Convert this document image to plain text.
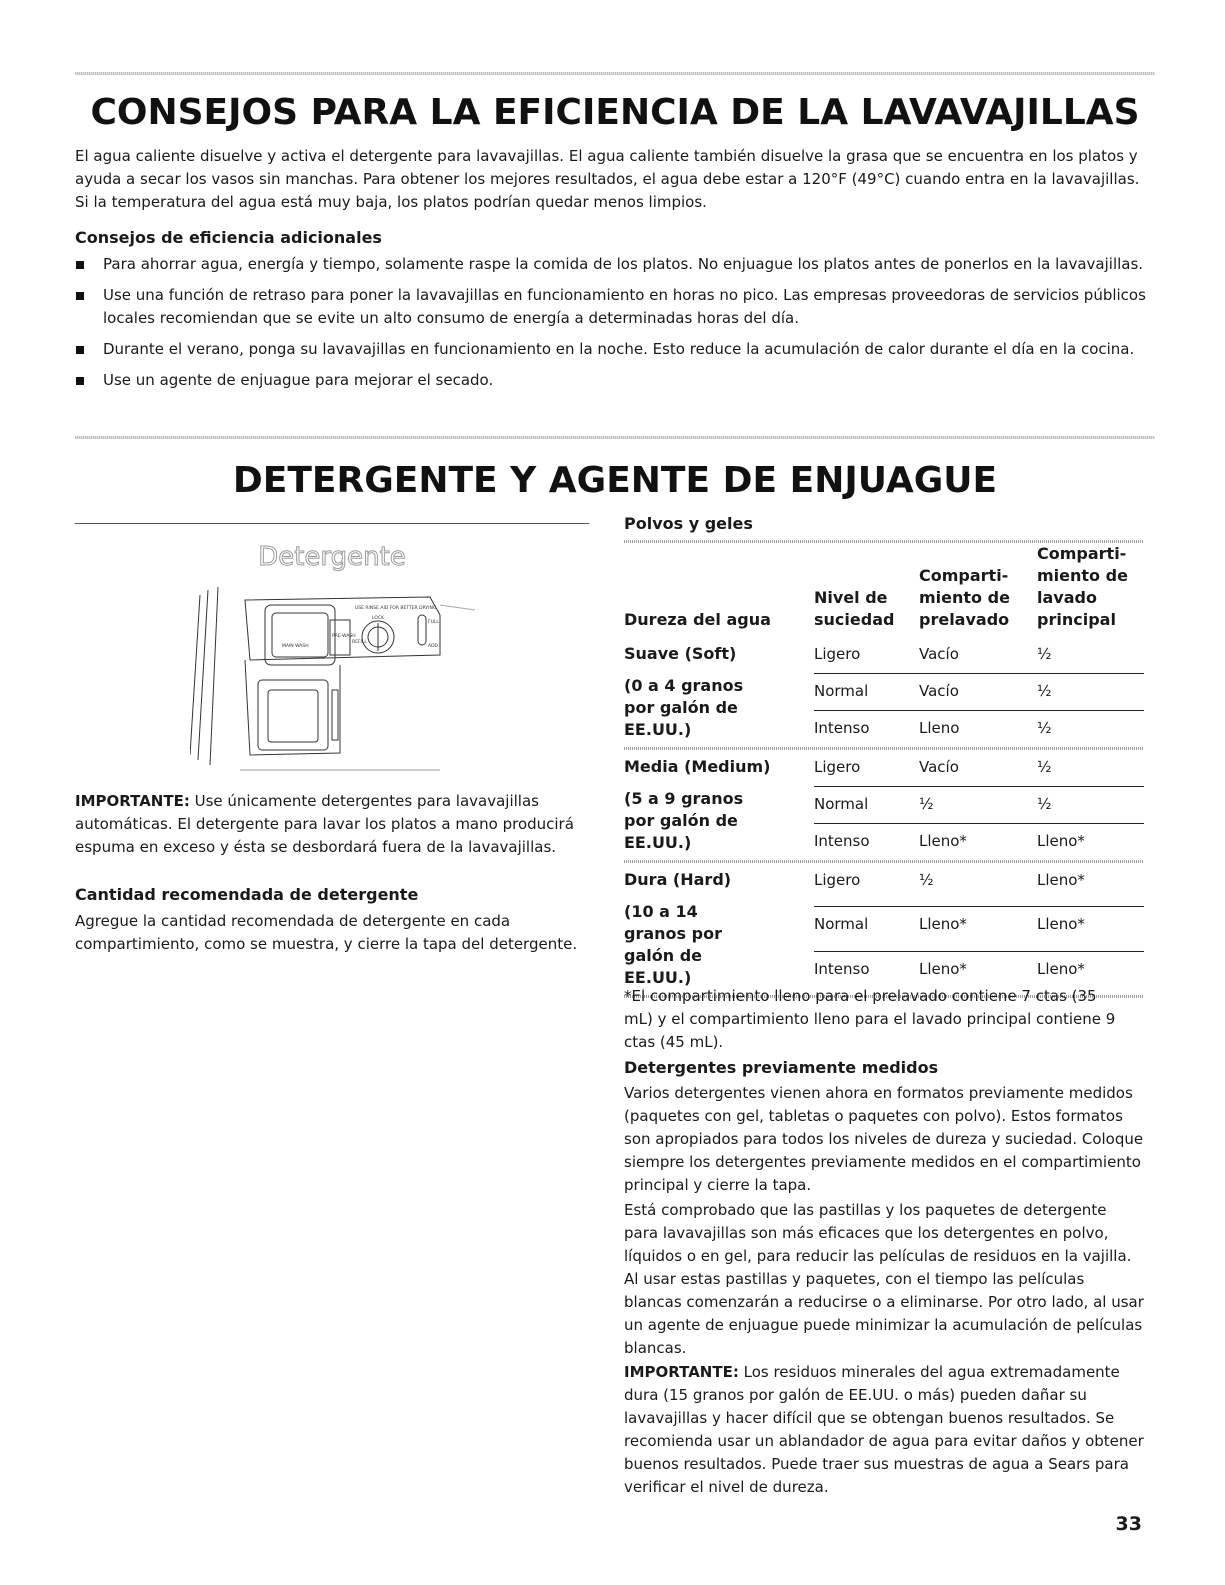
CONSEJOS PARA LA EFICIENCIA DE LA LAVAVAJILLAS

El agua caliente disuelve y activa el detergente para lavavajillas. El agua caliente también disuelve la grasa que se encuentra en los platos y ayuda a secar los vasos sin manchas. Para obtener los mejores resultados, el agua debe estar a 120°F (49°C) cuando entra en la lavavajillas. Si la temperatura del agua está muy baja, los platos podrían quedar menos limpios.

Consejos de eficiencia adicionales

Para ahorrar agua, energía y tiempo, solamente raspe la comida de los platos. No enjuague los platos antes de ponerlos en la lavavajillas.
Use una función de retraso para poner la lavavajillas en funcionamiento en horas no pico. Las empresas proveedoras de servicios públicos locales recomiendan que se evite un alto consumo de energía a determinadas horas del día.
Durante el verano, ponga su lavavajillas en funcionamiento en la noche. Esto reduce la acumulación de calor durante el día en la cocina.
Use un agente de enjuague para mejorar el secado.
DETERGENTE Y AGENTE DE ENJUAGUE
Detergente
USE RINSE AID FOR BETTER DRYING
LOCK
FULL
ADD
PRE-WASH
MAIN WASH
REFILL

IMPORTANTE: Use únicamente detergentes para lavavajillas automáticas. El detergente para lavar los platos a mano producirá espuma en exceso y ésta se desbordará fuera de la lavavajillas.

Cantidad recomendada de detergente

Agregue la cantidad recomendada de detergente en cada compartimiento, como se muestra, y cierre la tapa del detergente.

Polvos y geles

Dureza del agua	Nivel de suciedad	Comparti-miento de prelavado	Comparti-miento de lavado principal

Suave (Soft)
(0 a 4 granos por galón de EE.UU.)	Ligero	Vacío	½
	Normal	Vacío	½
	Intenso	Lleno	½

Media (Medium)
(5 a 9 granos por galón de EE.UU.)	Ligero	Vacío	½
	Normal	½	½
	Intenso	Lleno*	Lleno*

Dura (Hard)
(10 a 14 granos por galón de EE.UU.)	Ligero	½	Lleno*
	Normal	Lleno*	Lleno*
	Intenso	Lleno*	Lleno*

*El compartimiento lleno para el prelavado contiene 7 ctas (35 mL) y el compartimiento lleno para el lavado principal contiene 9 ctas (45 mL).

Detergentes previamente medidos

Varios detergentes vienen ahora en formatos previamente medidos (paquetes con gel, tabletas o paquetes con polvo). Estos formatos son apropiados para todos los niveles de dureza y suciedad. Coloque siempre los detergentes previamente medidos en el compartimiento principal y cierre la tapa.

Está comprobado que las pastillas y los paquetes de detergente para lavavajillas son más eficaces que los detergentes en polvo, líquidos o en gel, para reducir las películas de residuos en la vajilla. Al usar estas pastillas y paquetes, con el tiempo las películas blancas comenzarán a reducirse o a eliminarse. Por otro lado, al usar un agente de enjuague puede minimizar la acumulación de películas blancas.

IMPORTANTE: Los residuos minerales del agua extremadamente dura (15 granos por galón de EE.UU. o más) pueden dañar su lavavajillas y hacer difícil que se obtengan buenos resultados. Se recomienda usar un ablandador de agua para evitar daños y obtener buenos resultados. Puede traer sus muestras de agua a Sears para verificar el nivel de dureza.

33
